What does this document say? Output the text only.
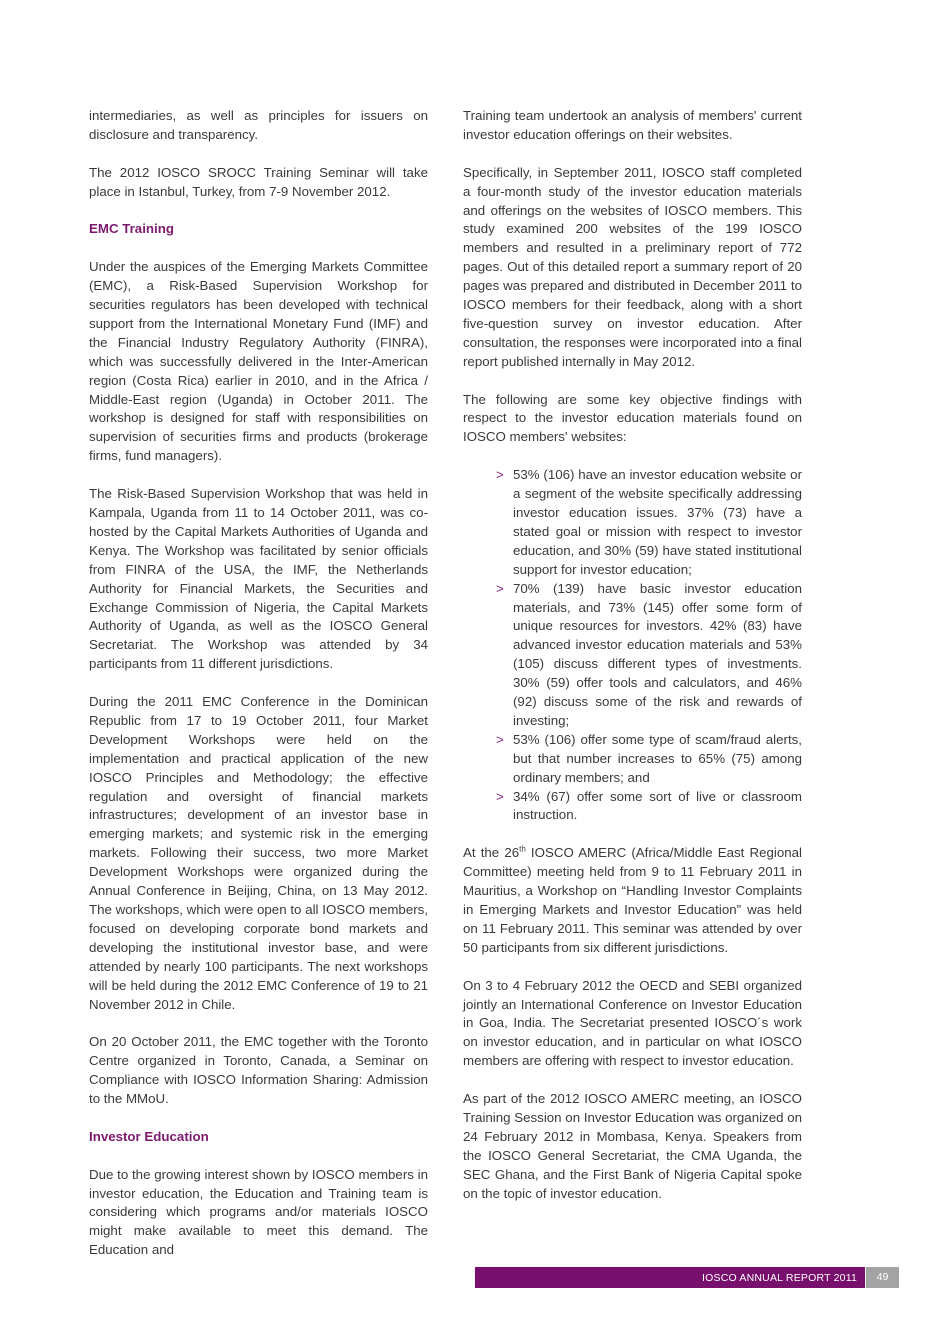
intermediaries, as well as principles for issuers on disclosure and transparency.

The 2012 IOSCO SROCC Training Seminar will take place in Istanbul, Turkey, from 7-9 November 2012.

EMC Training

Under the auspices of the Emerging Markets Committee (EMC), a Risk-Based Supervision Workshop for securities regulators has been developed with technical support from the International Monetary Fund (IMF) and the Financial Industry Regulatory Authority (FINRA), which was successfully delivered in the Inter-American region (Costa Rica) earlier in 2010, and in the Africa / Middle-East region (Uganda) in October 2011. The workshop is designed for staff with responsibilities on supervision of securities firms and products (brokerage firms, fund managers).

The Risk-Based Supervision Workshop that was held in Kampala, Uganda from 11 to 14 October 2011, was co-hosted by the Capital Markets Authorities of Uganda and Kenya. The Workshop was facilitated by senior officials from FINRA of the USA, the IMF, the Netherlands Authority for Financial Markets, the Securities and Exchange Commission of Nigeria, the Capital Markets Authority of Uganda, as well as the IOSCO General Secretariat. The Workshop was attended by 34 participants from 11 different jurisdictions.

During the 2011 EMC Conference in the Dominican Republic from 17 to 19 October 2011, four Market Development Workshops were held on the implementation and practical application of the new IOSCO Principles and Methodology; the effective regulation and oversight of financial markets infrastructures; development of an investor base in emerging markets; and systemic risk in the emerging markets. Following their success, two more Market Development Workshops were organized during the Annual Conference in Beijing, China, on 13 May 2012. The workshops, which were open to all IOSCO members, focused on developing corporate bond markets and developing the institutional investor base, and were attended by nearly 100 participants. The next workshops will be held during the 2012 EMC Conference of 19 to 21 November 2012 in Chile.

On 20 October 2011, the EMC together with the Toronto Centre organized in Toronto, Canada, a Seminar on Compliance with IOSCO Information Sharing: Admission to the MMoU.

Investor Education

Due to the growing interest shown by IOSCO members in investor education, the Education and Training team is considering which programs and/or materials IOSCO might make available to meet this demand. The Education and

Training team undertook an analysis of members' current investor education offerings on their websites.

Specifically, in September 2011, IOSCO staff completed a four-month study of the investor education materials and offerings on the websites of IOSCO members. This study examined 200 websites of the 199 IOSCO members and resulted in a preliminary report of 772 pages. Out of this detailed report a summary report of 20 pages was prepared and distributed in December 2011 to IOSCO members for their feedback, along with a short five-question survey on investor education. After consultation, the responses were incorporated into a final report published internally in May 2012.

The following are some key objective findings with respect to the investor education materials found on IOSCO members' websites:

> 53% (106) have an investor education website or a segment of the website specifically addressing investor education issues. 37% (73) have a stated goal or mission with respect to investor education, and 30% (59) have stated institutional support for investor education;
> 70% (139) have basic investor education materials, and 73% (145) offer some form of unique resources for investors. 42% (83) have advanced investor education materials and 53% (105) discuss different types of investments. 30% (59) offer tools and calculators, and 46% (92) discuss some of the risk and rewards of investing;
> 53% (106) offer some type of scam/fraud alerts, but that number increases to 65% (75) among ordinary members; and
> 34% (67) offer some sort of live or classroom instruction.

At the 26th IOSCO AMERC (Africa/Middle East Regional Committee) meeting held from 9 to 11 February 2011 in Mauritius, a Workshop on “Handling Investor Complaints in Emerging Markets and Investor Education” was held on 11 February 2011. This seminar was attended by over 50 participants from six different jurisdictions.

On 3 to 4 February 2012 the OECD and SEBI organized jointly an International Conference on Investor Education in Goa, India. The Secretariat presented IOSCO´s work on investor education, and in particular on what IOSCO members are offering with respect to investor education.

As part of the 2012 IOSCO AMERC meeting, an IOSCO Training Session on Investor Education was organized on 24 February 2012 in Mombasa, Kenya. Speakers from the IOSCO General Secretariat, the CMA Uganda, the SEC Ghana, and the First Bank of Nigeria Capital spoke on the topic of investor education.

IOSCO ANNUAL REPORT 2011	49
